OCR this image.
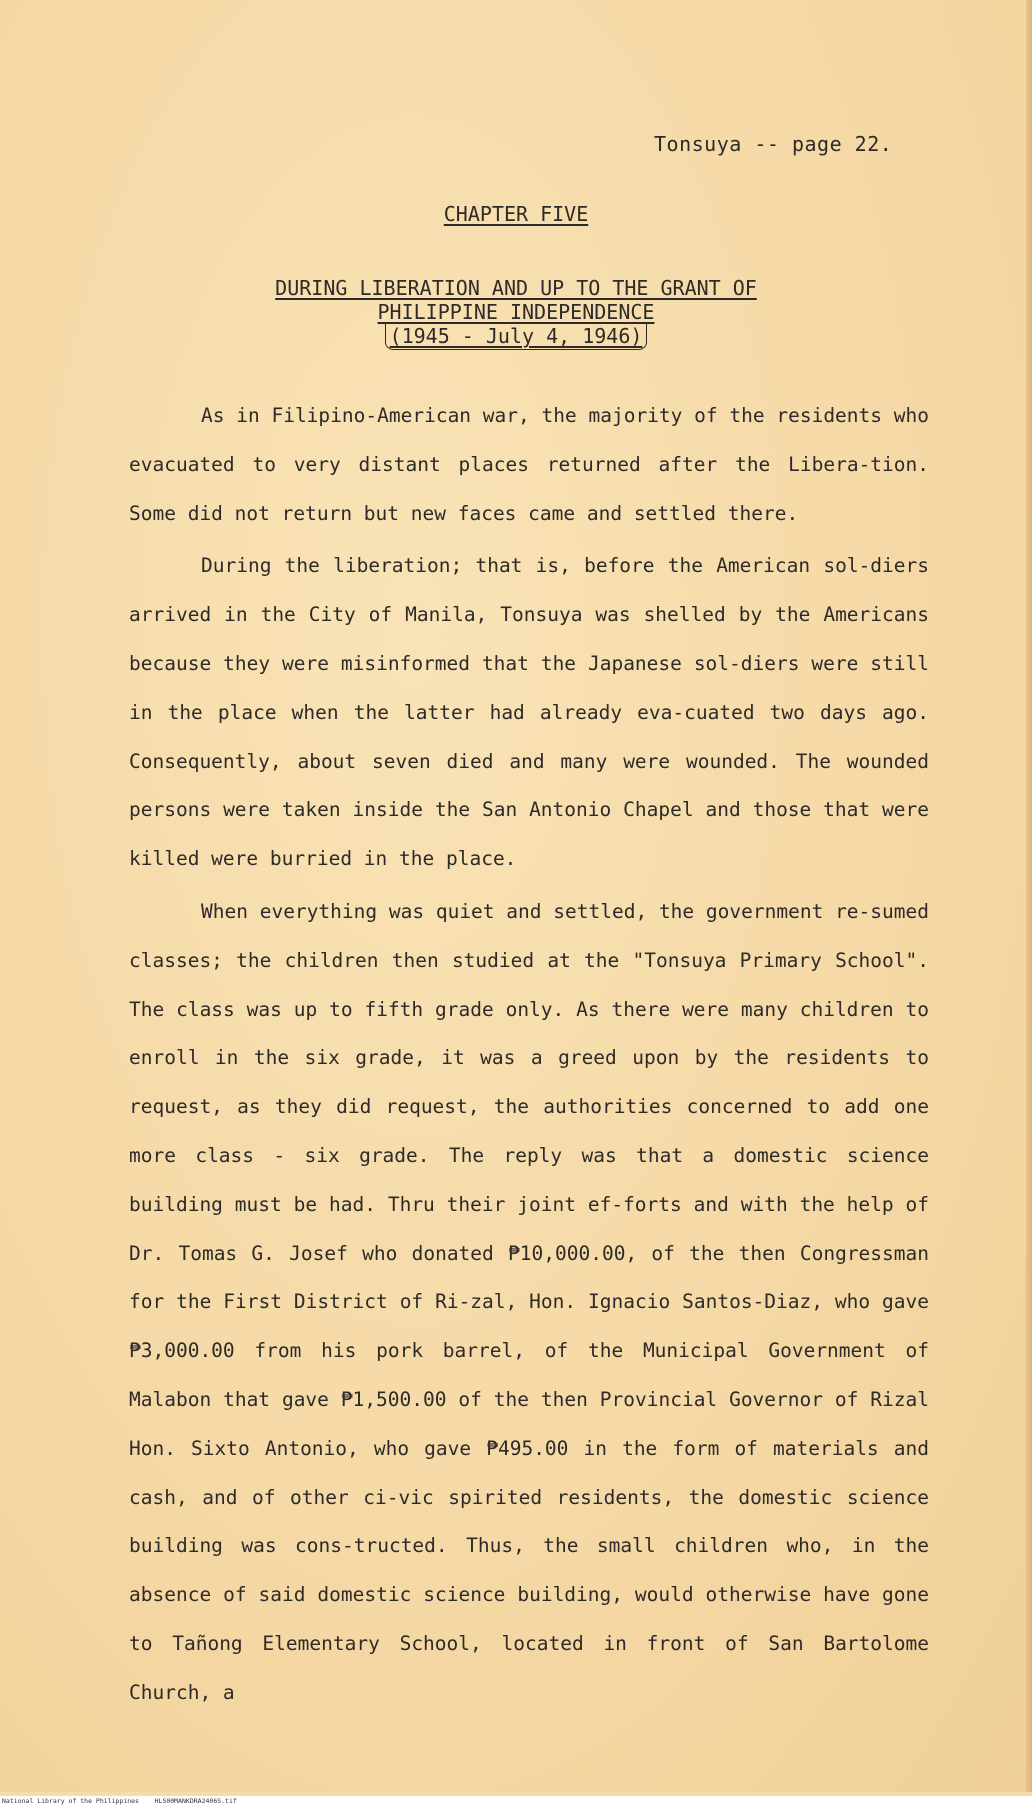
Tonsuya -- page 22.
CHAPTER FIVE
DURING LIBERATION AND UP TO THE GRANT OF
PHILIPPINE INDEPENDENCE
(1945 - July 4, 1946)

As in Filipino-American war, the majority of the residents who evacuated to very distant places returned after the Libera-tion. Some did not return but new faces came and settled there.

During the liberation; that is, before the American sol-diers arrived in the City of Manila, Tonsuya was shelled by the Americans because they were misinformed that the Japanese sol-diers were still in the place when the latter had already eva-cuated two days ago. Consequently, about seven died and many were wounded. The wounded persons were taken inside the San Antonio Chapel and those that were killed were burried in the place.

When everything was quiet and settled, the government re-sumed classes; the children then studied at the "Tonsuya Primary School". The class was up to fifth grade only. As there were many children to enroll in the six grade, it was a greed upon by the residents to request, as they did request, the authorities concerned to add one more class - six grade. The reply was that a domestic science building must be had. Thru their joint ef-forts and with the help of Dr. Tomas G. Josef who donated ₱10,000.00, of the then Congressman for the First District of Ri-zal, Hon. Ignacio Santos-Diaz, who gave ₱3,000.00 from his pork barrel, of the Municipal Government of Malabon that gave ₱1,500.00 of the then Provincial Governor of Rizal Hon. Sixto Antonio, who gave ₱495.00 in the form of materials and cash, and of other ci-vic spirited residents, the domestic science building was cons-tructed. Thus, the small children who, in the absence of said domestic science building, would otherwise have gone to Tañong Elementary School, located in front of San Bartolome Church, a

National Library of the Philippines    HLS00MANKDRA2406S.tif
